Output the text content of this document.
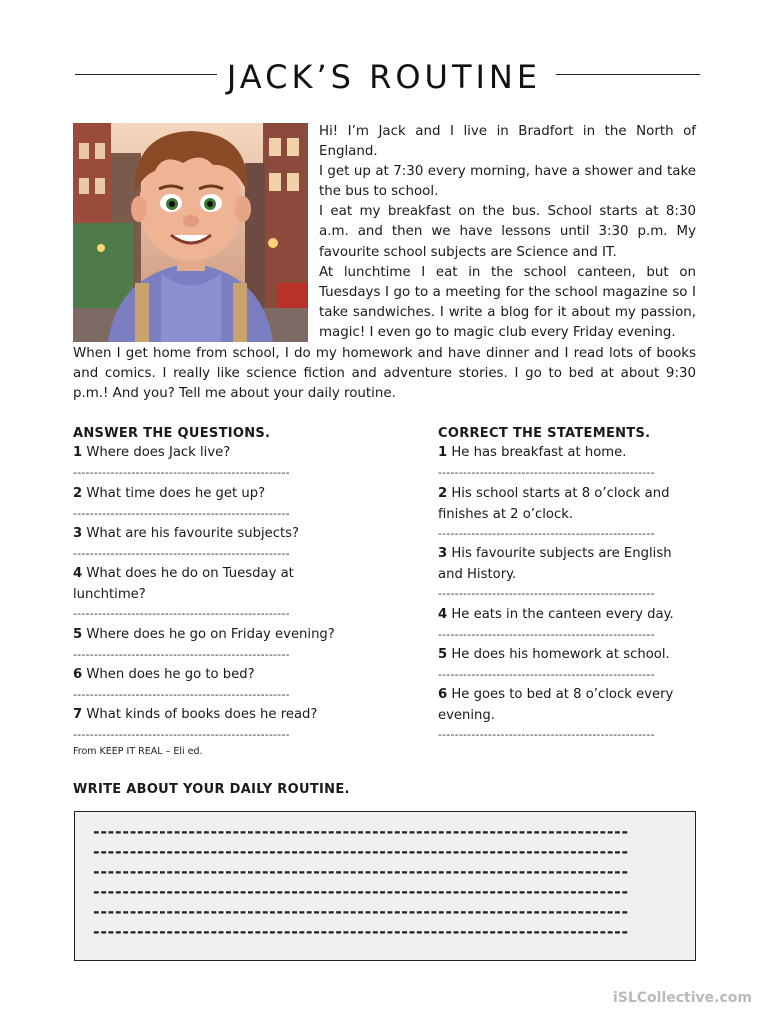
JACK’S ROUTINE

Hi! I’m Jack and I live in Bradfort in the North of England.

I get up at 7:30 every morning, have a shower and take the bus to school.

I eat my breakfast on the bus. School starts at 8:30 a.m. and then we have lessons until 3:30 p.m. My favourite school subjects are Science and IT.

At lunchtime I eat in the school canteen, but on Tuesdays I go to a meeting for the school magazine so I take sandwiches. I write a blog for it about my passion, magic! I even go to magic club every Friday evening.

When I get home from school, I do my homework and have dinner and I read lots of books and comics. I really like science fiction and adventure stories. I go to bed at about 9:30 p.m.! And you? Tell me about your daily routine.

ANSWER THE QUESTIONS.
1 Where does Jack live?
----------------------------------------------------
2 What time does he get up?
----------------------------------------------------
3 What are his favourite subjects?
----------------------------------------------------
4 What does he do on Tuesday at lunchtime?
----------------------------------------------------
5 Where does he go on Friday evening?
----------------------------------------------------
6 When does he go to bed?
----------------------------------------------------
7 What kinds of books does he read?
----------------------------------------------------
From KEEP IT REAL – Eli ed.
CORRECT THE STATEMENTS.
1 He has breakfast at home.
----------------------------------------------------
2 His school starts at 8 o’clock and finishes at 2 o’clock.
----------------------------------------------------
3 His favourite subjects are English and History.
----------------------------------------------------
4 He eats in the canteen every day.
----------------------------------------------------
5 He does his homework at school.
----------------------------------------------------
6 He goes to bed at 8 o’clock every evening.
----------------------------------------------------
WRITE ABOUT YOUR DAILY ROUTINE.
-------------------------------------------------------------------------
-------------------------------------------------------------------------
-------------------------------------------------------------------------
-------------------------------------------------------------------------
-------------------------------------------------------------------------
-------------------------------------------------------------------------
iSLCollective.com
